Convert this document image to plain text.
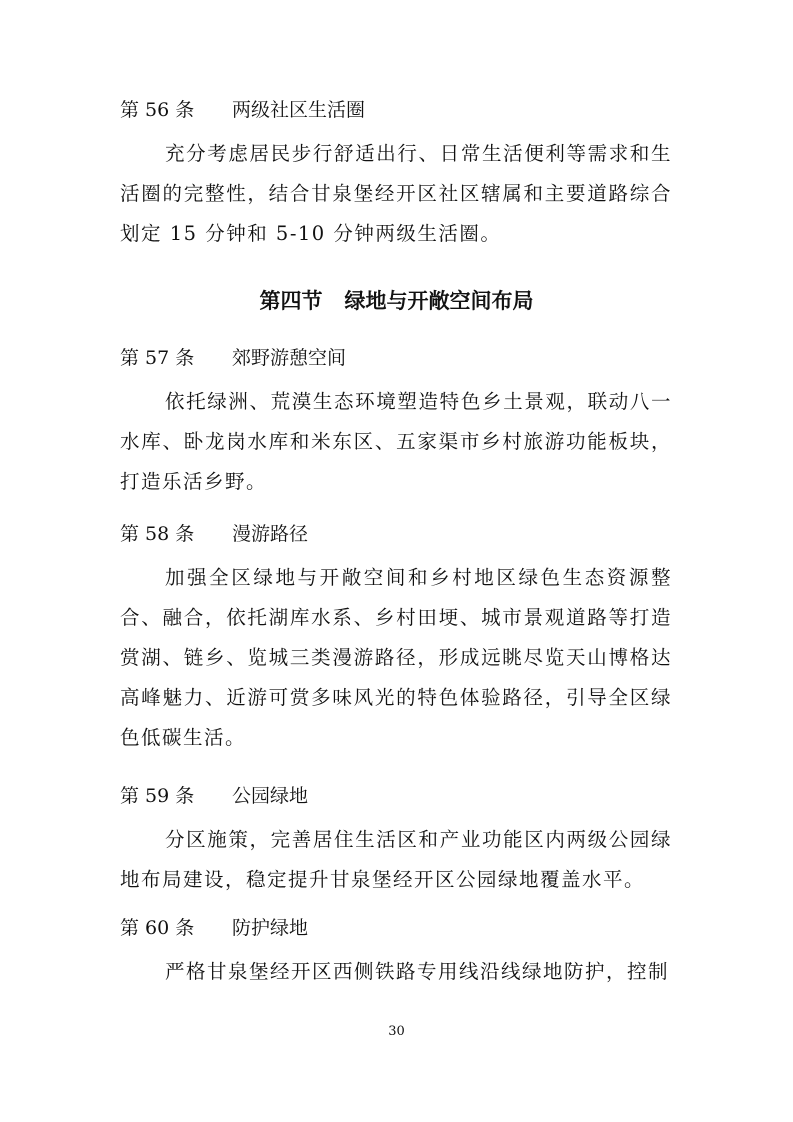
第 56 条 两级社区生活圈
充分考虑居民步行舒适出行、日常生活便利等需求和生活圈的完整性，结合甘泉堡经开区社区辖属和主要道路综合划定 15 分钟和 5-10 分钟两级生活圈。
第四节   绿地与开敞空间布局
第 57 条 郊野游憩空间
依托绿洲、荒漠生态环境塑造特色乡土景观，联动八一水库、卧龙岗水库和米东区、五家渠市乡村旅游功能板块，打造乐活乡野。
第 58 条 漫游路径
加强全区绿地与开敞空间和乡村地区绿色生态资源整合、融合，依托湖库水系、乡村田埂、城市景观道路等打造赏湖、链乡、览城三类漫游路径，形成远眺尽览天山博格达高峰魅力、近游可赏多味风光的特色体验路径，引导全区绿色低碳生活。
第 59 条 公园绿地
分区施策，完善居住生活区和产业功能区内两级公园绿地布局建设，稳定提升甘泉堡经开区公园绿地覆盖水平。
第 60 条 防护绿地
严格甘泉堡经开区西侧铁路专用线沿线绿地防护，控制
30
